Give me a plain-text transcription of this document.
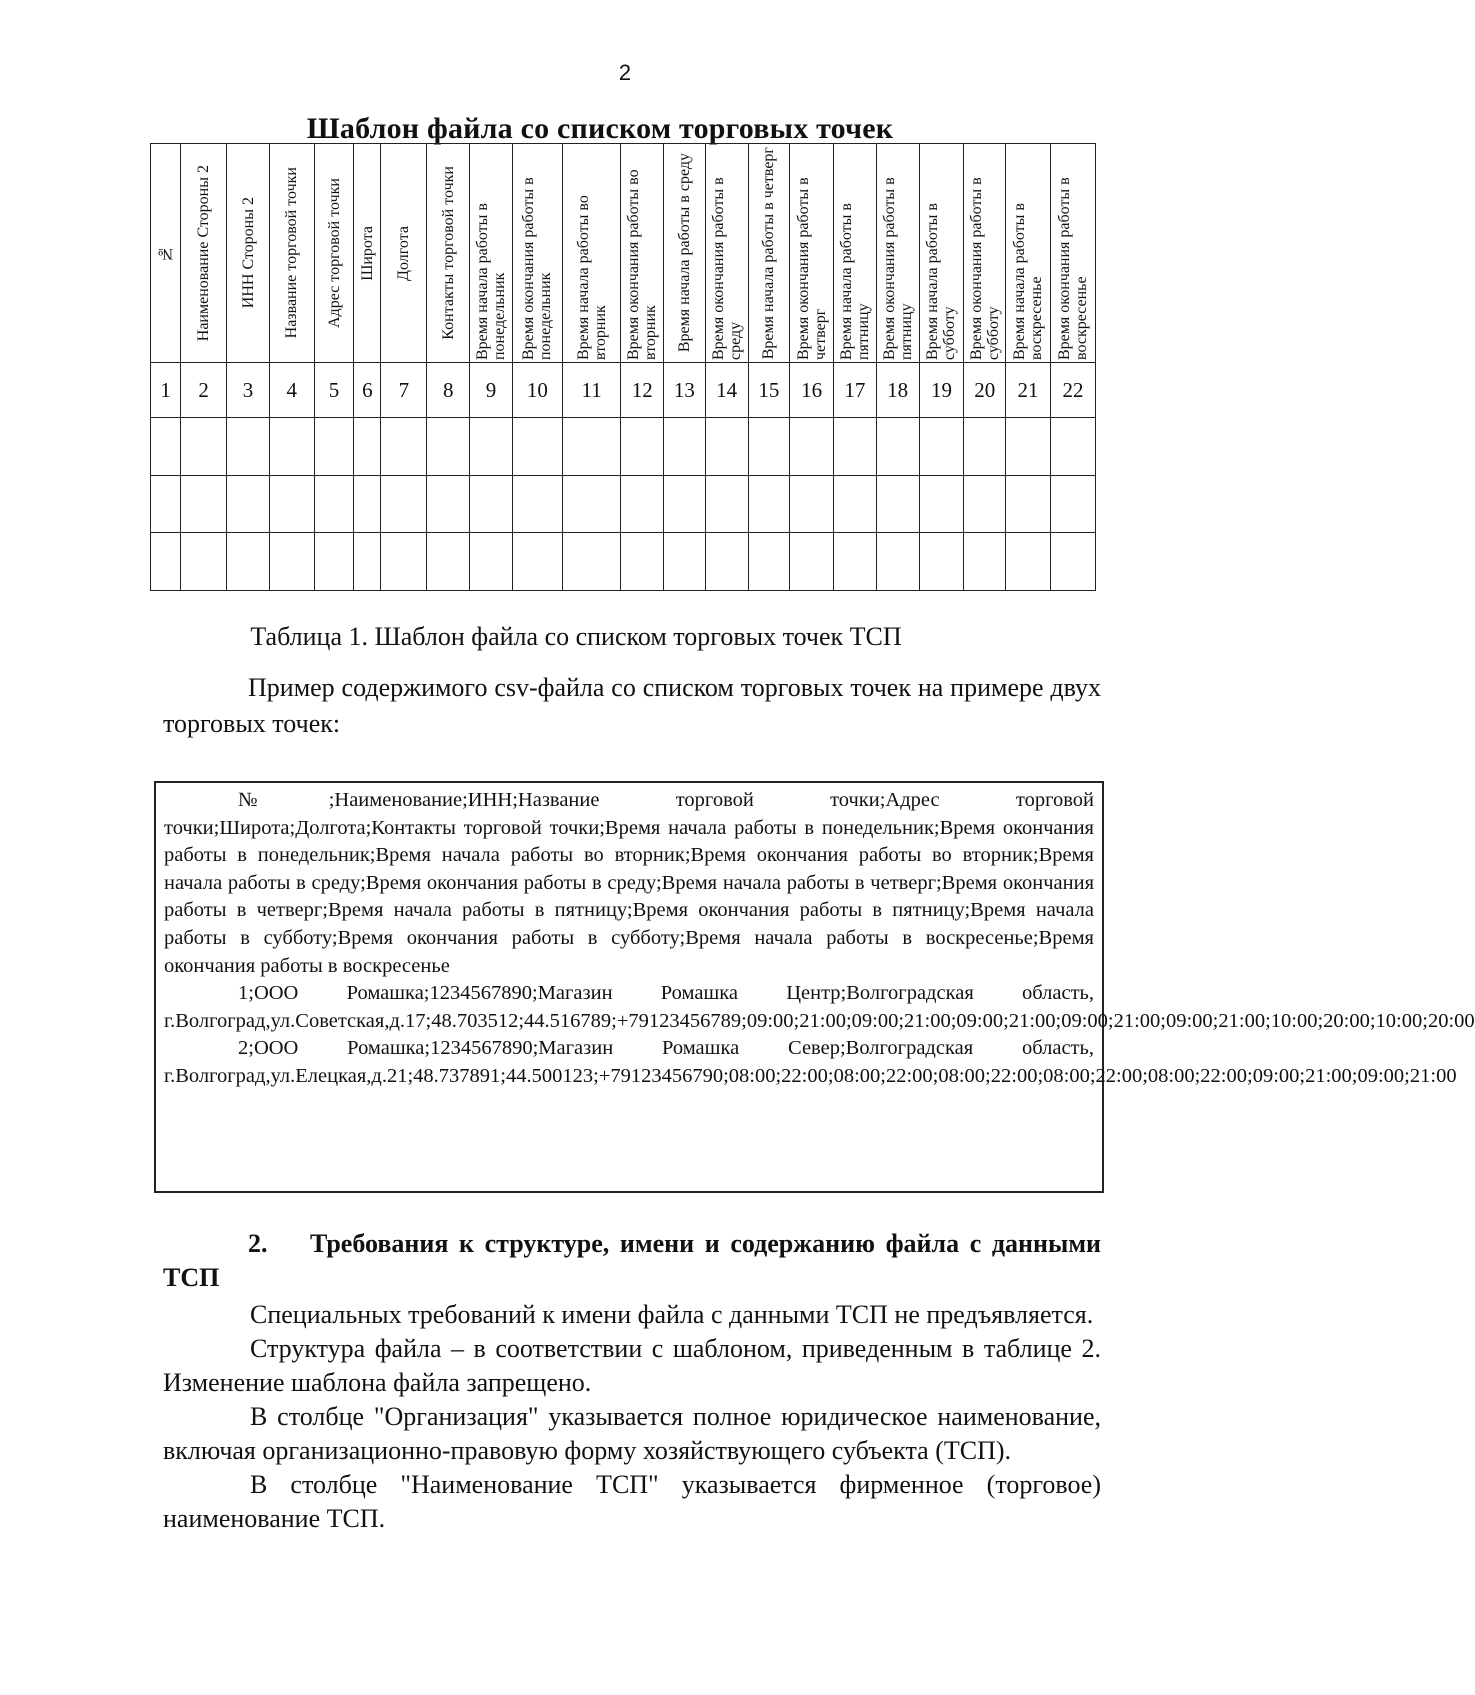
2
Шаблон файла со списком торговых точек
№	Наименование Стороны 2	ИНН Стороны 2	Название торговой точки	Адрес торговой точки	Широта	Долгота	Контакты торговой точки	Время начала работы в понедельник	Время окончания работы в понедельник	Время начала работы во вторник	Время окончания работы во вторник	Время начала работы в среду	Время окончания работы в среду	Время начала работы в четверг	Время окончания работы в четверг	Время начала работы в пятницу	Время окончания работы в пятницу	Время начала работы в субботу	Время окончания работы в субботу	Время начала работы в воскресенье	Время окончания работы в воскресенье

1	2	3	4	5	6	7	8	9	10	11	12	13	14	15	16	17	18	19	20	21	22

Таблица 1. Шаблон файла со списком торговых точек ТСП
Пример содержимого csv-файла со списком торговых точек на примере двух торговых точек:

№;Наименование;ИНН;Название торговой точки;Адрес торговой точки;Широта;Долгота;Контакты торговой точки;Время начала работы в понедельник;Время окончания работы в понедельник;Время начала работы во вторник;Время окончания работы во вторник;Время начала работы в среду;Время окончания работы в среду;Время начала работы в четверг;Время окончания работы в четверг;Время начала работы в пятницу;Время окончания работы в пятницу;Время начала работы в субботу;Время окончания работы в субботу;Время начала работы в воскресенье;Время окончания работы в воскресенье

1;ООО Ромашка;1234567890;Магазин Ромашка Центр;Волгоградская область, г.Волгоград,ул.Советская,д.17;48.703512;44.516789;+79123456789;09:00;21:00;09:00;21:00;09:00;21:00;09:00;21:00;09:00;21:00;10:00;20:00;10:00;20:00

2;ООО Ромашка;1234567890;Магазин Ромашка Север;Волгоградская область, г.Волгоград,ул.Елецкая,д.21;48.737891;44.500123;+79123456790;08:00;22:00;08:00;22:00;08:00;22:00;08:00;22:00;08:00;22:00;09:00;21:00;09:00;21:00

2. Требования к структуре, имени и содержанию файла с данными ТСП

Специальных требований к имени файла с данными ТСП не предъявляется.

Структура файла – в соответствии с шаблоном, приведенным в таблице 2. Изменение шаблона файла запрещено.

В столбце "Организация" указывается полное юридическое наименование, включая организационно-правовую форму хозяйствующего субъекта (ТСП).

В столбце "Наименование ТСП" указывается фирменное (торговое) наименование ТСП.
